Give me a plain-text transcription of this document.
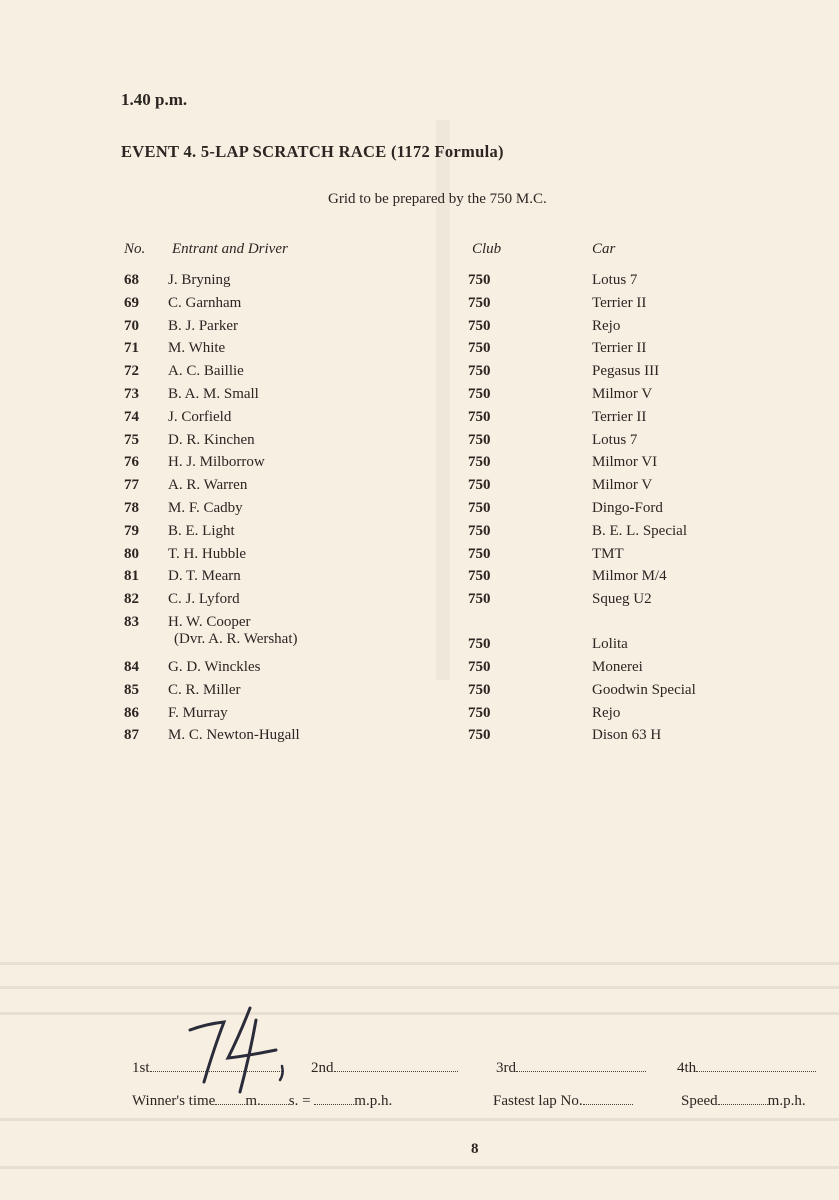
1.40 p.m.
EVENT 4. 5-LAP SCRATCH RACE (1172 Formula)
Grid to be prepared by the 750 M.C.
No. Entrant and Driver	Club	Car
68 J. Bryning	750	Lotus 7
69 C. Garnham	750	Terrier II
70 B. J. Parker	750	Rejo
71 M. White	750	Terrier II
72 A. C. Baillie	750	Pegasus III
73 B. A. M. Small	750	Milmor V
74 J. Corfield	750	Terrier II
75 D. R. Kinchen	750	Lotus 7
76 H. J. Milborrow	750	Milmor VI
77 A. R. Warren	750	Milmor V
78 M. F. Cadby	750	Dingo-Ford
79 B. E. Light	750	B. E. L. Special
80 T. H. Hubble	750	TMT
81 D. T. Mearn	750	Milmor M/4
82 C. J. Lyford	750	Squeg U2
83 H. W. Cooper
(Dvr. A. R. Wershat)	750	Lolita
84 G. D. Winckles	750	Monerei
85 C. R. Miller	750	Goodwin Special
86 F. Murray	750	Rejo
87 M. C. Newton-Hugall	750	Dison 63 H
1st	2nd	3rd	4th
Winner's time m. s. =	m.p.h.	Fastest lap No.	Speed	m.p.h.
8
